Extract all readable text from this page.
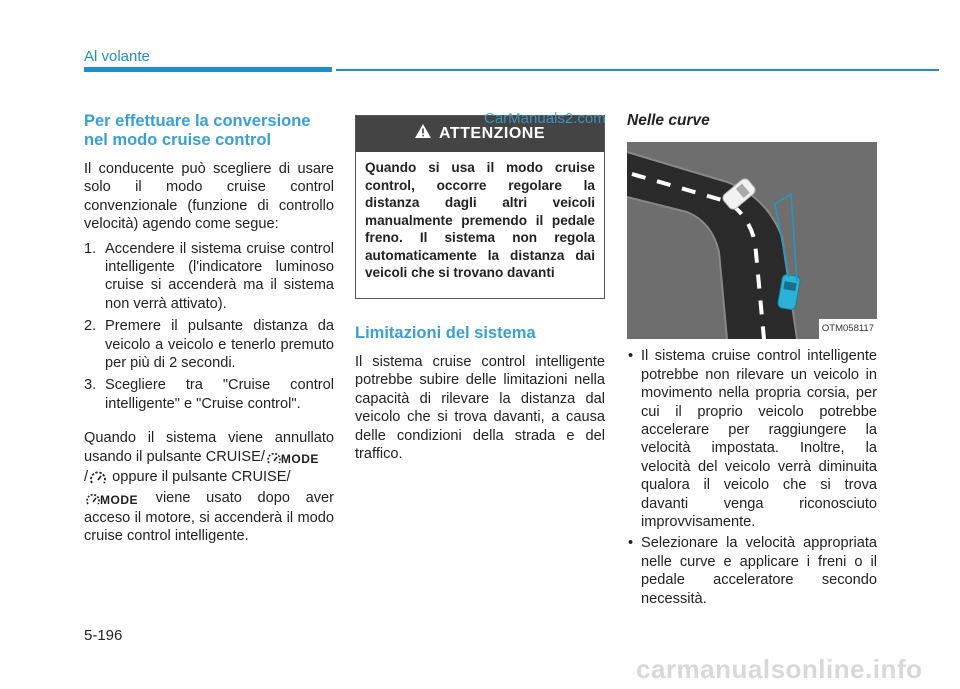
Al volante
Per effettuare la conversione nel modo cruise control

Il conducente può scegliere di usare solo il modo cruise control convenzionale (funzione di controllo velocità) agendo come segue:

1. Accendere il sistema cruise control intelligente (l'indicatore luminoso cruise si accenderà ma il sistema non verrà attivato).
2. Premere il pulsante distanza da veicolo a veicolo e tenerlo premuto per più di 2 secondi.
3. Scegliere tra "Cruise control intelligente" e "Cruise control".

Quando il sistema viene annullato usando il pulsante CRUISE/ MODE
/ oppure il pulsante CRUISE/
MODE viene usato dopo aver acceso il motore, si accenderà il modo cruise control intelligente.

ATTENZIONE
Quando si usa il modo cruise control, occorre regolare la distanza dagli altri veicoli manualmente premendo il pedale freno. Il sistema non regola automaticamente la distanza dai veicoli che si trovano davanti
Limitazioni del sistema

Il sistema cruise control intelligente potrebbe subire delle limitazioni nella capacità di rilevare la distanza dal veicolo che si trova davanti, a causa delle condizioni della strada e del traffico.

CarManuals2.com Nelle curve
OTM058117
• Il sistema cruise control intelligente potrebbe non rilevare un veicolo in movimento nella propria corsia, per cui il proprio veicolo potrebbe accelerare per raggiungere la velocità impostata. Inoltre, la velocità del veicolo verrà diminuita qualora il veicolo che si trova davanti venga riconosciuto improvvisamente.
• Selezionare la velocità appropriata nelle curve e applicare i freni o il pedale acceleratore secondo necessità.
5-196
carmanualsonline.info
